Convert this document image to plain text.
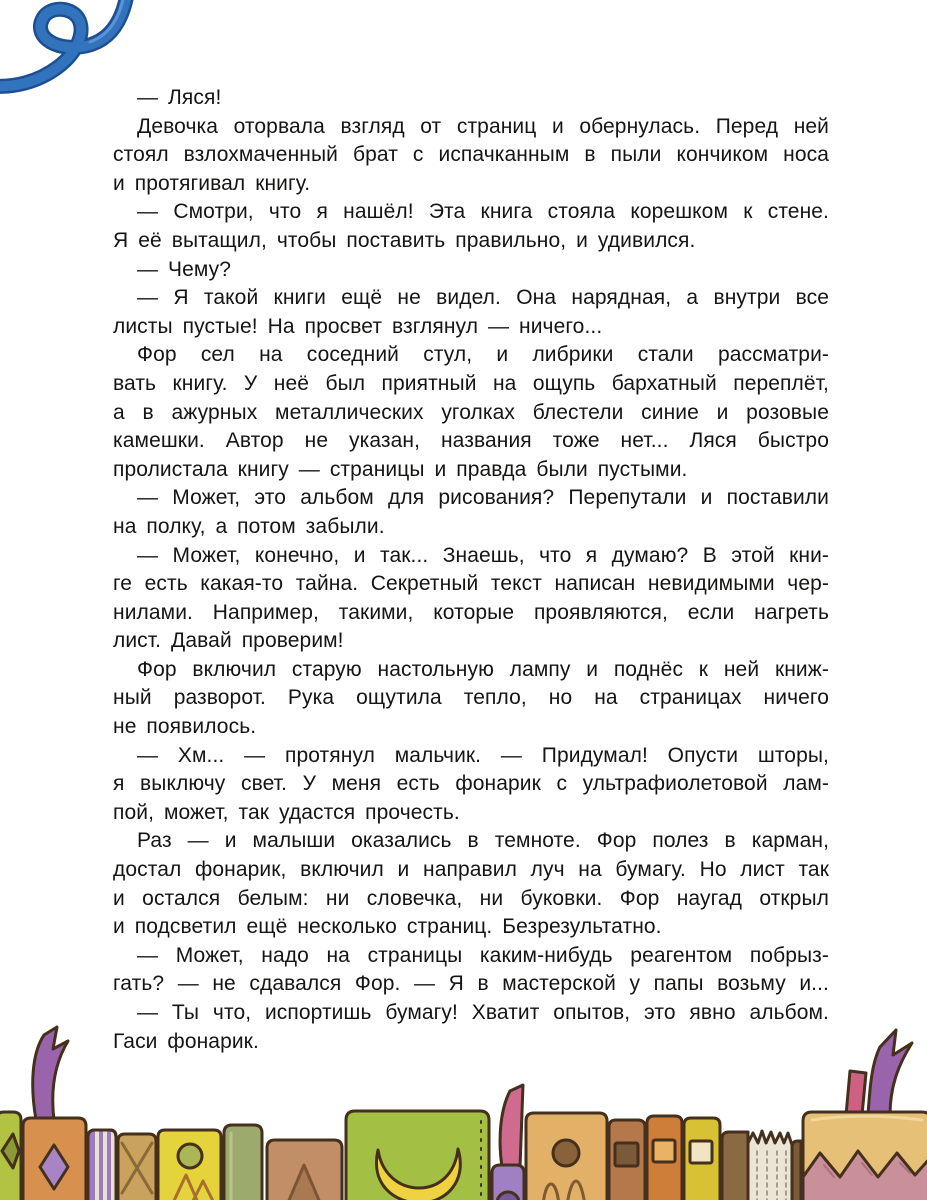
— Ляся!
Девочка оторвала взгляд от страниц и обернулась. Перед ней
стоял взлохмаченный брат с испачканным в пыли кончиком носа
и протягивал книгу.
— Смотри, что я нашёл! Эта книга стояла корешком к стене.
Я её вытащил, чтобы поставить правильно, и удивился.
— Чему?
— Я такой книги ещё не видел. Она нарядная, а внутри все
листы пустые! На просвет взглянул — ничего...
Фор сел на соседний стул, и либрики стали рассматри-
вать книгу. У неё был приятный на ощупь бархатный переплёт,
а в ажурных металлических уголках блестели синие и розовые
камешки. Автор не указан, названия тоже нет... Ляся быстро
пролистала книгу — страницы и правда были пустыми.
— Может, это альбом для рисования? Перепутали и поставили
на полку, а потом забыли.
— Может, конечно, и так... Знаешь, что я думаю? В этой кни-
ге есть какая-то тайна. Секретный текст написан невидимыми чер-
нилами. Например, такими, которые проявляются, если нагреть
лист. Давай проверим!
Фор включил старую настольную лампу и поднёс к ней книж-
ный разворот. Рука ощутила тепло, но на страницах ничего
не появилось.
— Хм... — протянул мальчик. — Придумал! Опусти шторы,
я выключу свет. У меня есть фонарик с ультрафиолетовой лам-
пой, может, так удастся прочесть.
Раз — и малыши оказались в темноте. Фор полез в карман,
достал фонарик, включил и направил луч на бумагу. Но лист так
и остался белым: ни словечка, ни буковки. Фор наугад открыл
и подсветил ещё несколько страниц. Безрезультатно.
— Может, надо на страницы каким-нибудь реагентом побрыз-
гать? — не сдавался Фор. — Я в мастерской у папы возьму и...
— Ты что, испортишь бумагу! Хватит опытов, это явно альбом.
Гаси фонарик.
